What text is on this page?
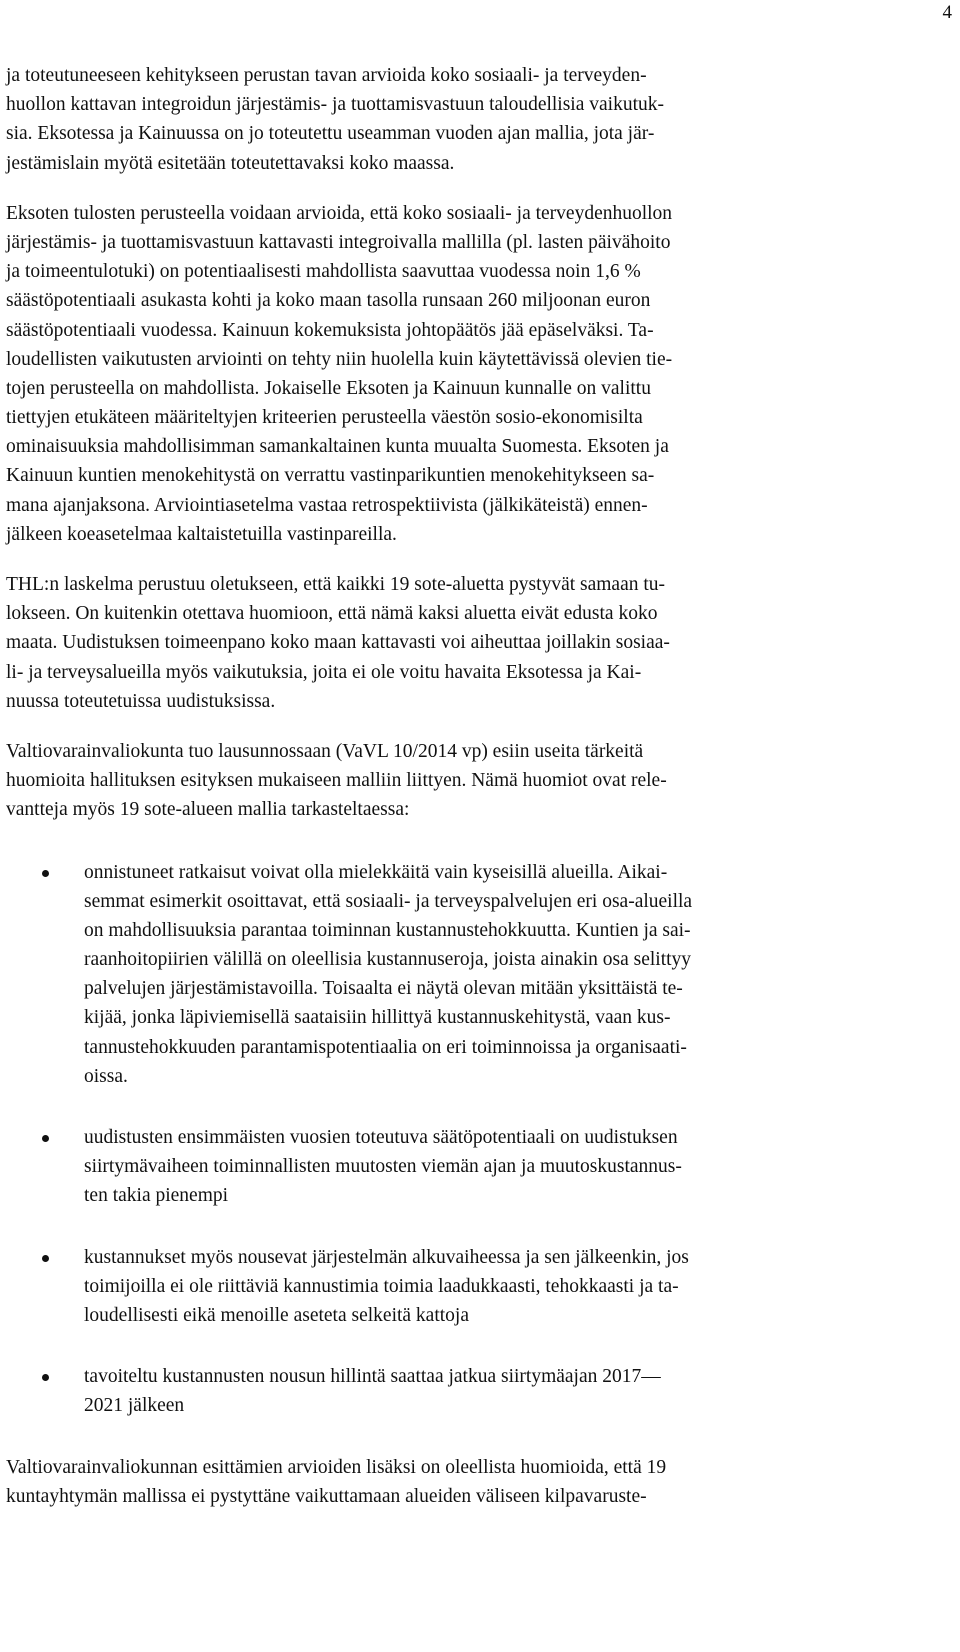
4
ja toteutuneeseen kehitykseen perustan tavan arvioida koko sosiaali- ja terveyden-
huollon kattavan integroidun järjestämis- ja tuottamisvastuun taloudellisia vaikutuk-
sia. Eksotessa ja Kainuussa on jo toteutettu useamman vuoden ajan mallia, jota jär-
jestämislain myötä esitetään toteutettavaksi koko maassa.
Eksoten tulosten perusteella voidaan arvioida, että koko sosiaali- ja terveydenhuollon
järjestämis- ja tuottamisvastuun kattavasti integroivalla mallilla (pl. lasten päivähoito
ja toimeentulotuki) on potentiaalisesti mahdollista saavuttaa vuodessa noin 1,6 %
säästöpotentiaali asukasta kohti ja koko maan tasolla runsaan 260 miljoonan euron
säästöpotentiaali vuodessa. Kainuun kokemuksista johtopäätös jää epäselväksi. Ta-
loudellisten vaikutusten arviointi on tehty niin huolella kuin käytettävissä olevien tie-
tojen perusteella on mahdollista. Jokaiselle Eksoten ja Kainuun kunnalle on valittu
tiettyjen etukäteen määriteltyjen kriteerien perusteella väestön sosio-ekonomisilta
ominaisuuksia mahdollisimman samankaltainen kunta muualta Suomesta. Eksoten ja
Kainuun kuntien menokehitystä on verrattu vastinparikuntien menokehitykseen sa-
mana ajanjaksona. Arviointiasetelma vastaa retrospektiivista (jälkikäteistä) ennen-
jälkeen koeasetelmaa kaltaistetuilla vastinpareilla.
THL:n laskelma perustuu oletukseen, että kaikki 19 sote-aluetta pystyvät samaan tu-
lokseen. On kuitenkin otettava huomioon, että nämä kaksi aluetta eivät edusta koko
maata. Uudistuksen toimeenpano koko maan kattavasti voi aiheuttaa joillakin sosiaa-
li- ja terveysalueilla myös vaikutuksia, joita ei ole voitu havaita Eksotessa ja Kai-
nuussa toteutetuissa uudistuksissa.
Valtiovarainvaliokunta tuo lausunnossaan (VaVL 10/2014 vp) esiin useita tärkeitä
huomioita hallituksen esityksen mukaiseen malliin liittyen. Nämä huomiot ovat rele-
vantteja myös 19 sote-alueen mallia tarkasteltaessa:
onnistuneet ratkaisut voivat olla mielekkäitä vain kyseisillä alueilla. Aikai-
semmat esimerkit osoittavat, että sosiaali- ja terveyspalvelujen eri osa-alueilla
on mahdollisuuksia parantaa toiminnan kustannustehokkuutta. Kuntien ja sai-
raanhoitopiirien välillä on oleellisia kustannuseroja, joista ainakin osa selittyy
palvelujen järjestämistavoilla. Toisaalta ei näytä olevan mitään yksittäistä te-
kijää, jonka läpiviemisellä saataisiin hillittyä kustannuskehitystä, vaan kus-
tannustehokkuuden parantamispotentiaalia on eri toiminnoissa ja organisaati-
oissa.
uudistusten ensimmäisten vuosien toteutuva säätöpotentiaali on uudistuksen
siirtymävaiheen toiminnallisten muutosten viemän ajan ja muutoskustannus-
ten takia pienempi
kustannukset myös nousevat järjestelmän alkuvaiheessa ja sen jälkeenkin, jos
toimijoilla ei ole riittäviä kannustimia toimia laadukkaasti, tehokkaasti ja ta-
loudellisesti eikä menoille aseteta selkeitä kattoja
tavoiteltu kustannusten nousun hillintä saattaa jatkua siirtymäajan 2017—
2021 jälkeen
Valtiovarainvaliokunnan esittämien arvioiden lisäksi on oleellista huomioida, että 19
kuntayhtymän mallissa ei pystyttäne vaikuttamaan alueiden väliseen kilpavaruste-
